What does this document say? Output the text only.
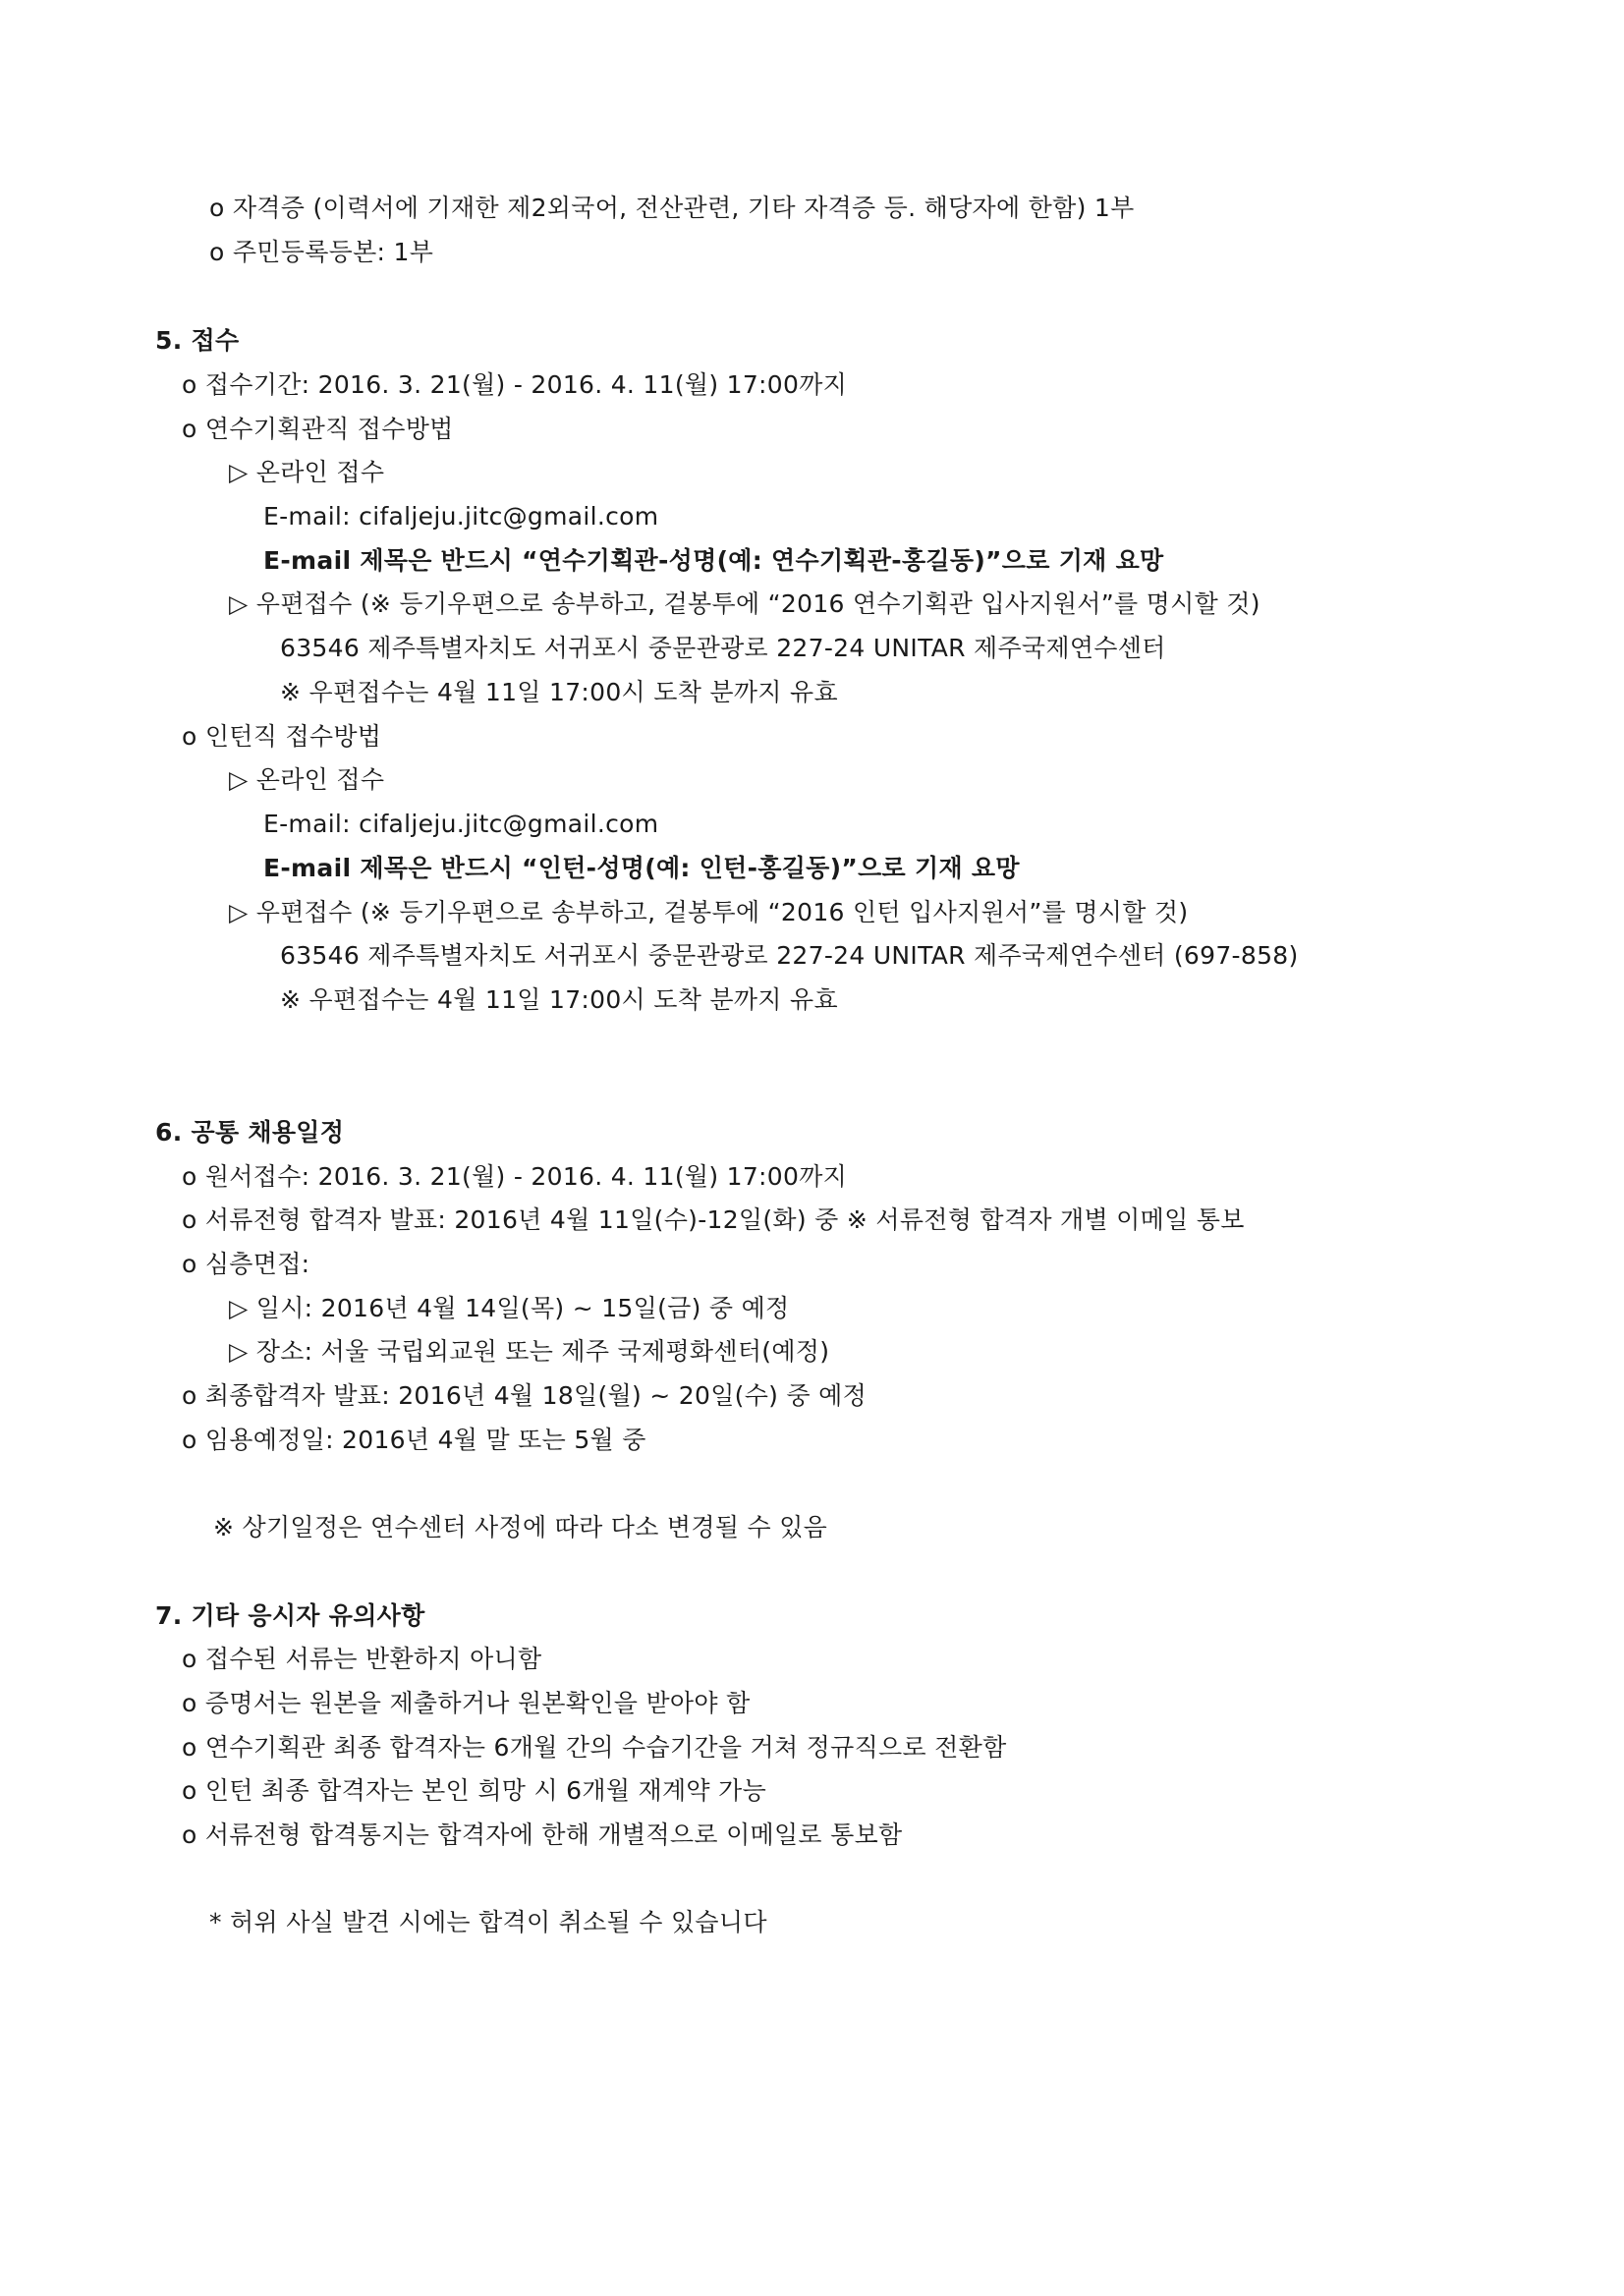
o 자격증 (이력서에 기재한 제2외국어, 전산관련, 기타 자격증 등. 해당자에 한함) 1부
o 주민등록등본: 1부
5. 접수
o 접수기간: 2016. 3. 21(월) - 2016. 4. 11(월) 17:00까지
o 연수기획관직 접수방법
▷ 온라인 접수
E-mail: cifaljeju.jitc@gmail.com
E-mail 제목은 반드시 “연수기획관-성명(예: 연수기획관-홍길동)”으로 기재 요망
▷ 우편접수 (※ 등기우편으로 송부하고, 겉봉투에 “2016 연수기획관 입사지원서”를 명시할 것)
63546 제주특별자치도 서귀포시 중문관광로 227-24 UNITAR 제주국제연수센터
※ 우편접수는 4월 11일 17:00시 도착 분까지 유효
o 인턴직 접수방법
▷ 온라인 접수
E-mail: cifaljeju.jitc@gmail.com
E-mail 제목은 반드시 “인턴-성명(예: 인턴-홍길동)”으로 기재 요망
▷ 우편접수 (※ 등기우편으로 송부하고, 겉봉투에 “2016 인턴 입사지원서”를 명시할 것)
63546 제주특별자치도 서귀포시 중문관광로 227-24 UNITAR 제주국제연수센터 (697-858)
※ 우편접수는 4월 11일 17:00시 도착 분까지 유효
6. 공통 채용일정
o 원서접수: 2016. 3. 21(월) - 2016. 4. 11(월) 17:00까지
o 서류전형 합격자 발표: 2016년 4월 11일(수)-12일(화) 중 ※ 서류전형 합격자 개별 이메일 통보
o 심층면접:
▷ 일시: 2016년 4월 14일(목) ~ 15일(금) 중 예정
▷ 장소: 서울 국립외교원 또는 제주 국제평화센터(예정)
o 최종합격자 발표: 2016년 4월 18일(월) ~ 20일(수) 중 예정
o 임용예정일: 2016년 4월 말 또는 5월 중
※ 상기일정은 연수센터 사정에 따라 다소 변경될 수 있음
7. 기타 응시자 유의사항
o 접수된 서류는 반환하지 아니함
o 증명서는 원본을 제출하거나 원본확인을 받아야 함
o 연수기획관 최종 합격자는 6개월 간의 수습기간을 거쳐 정규직으로 전환함
o 인턴 최종 합격자는 본인 희망 시 6개월 재계약 가능
o 서류전형 합격통지는 합격자에 한해 개별적으로 이메일로 통보함
* 허위 사실 발견 시에는 합격이 취소될 수 있습니다
